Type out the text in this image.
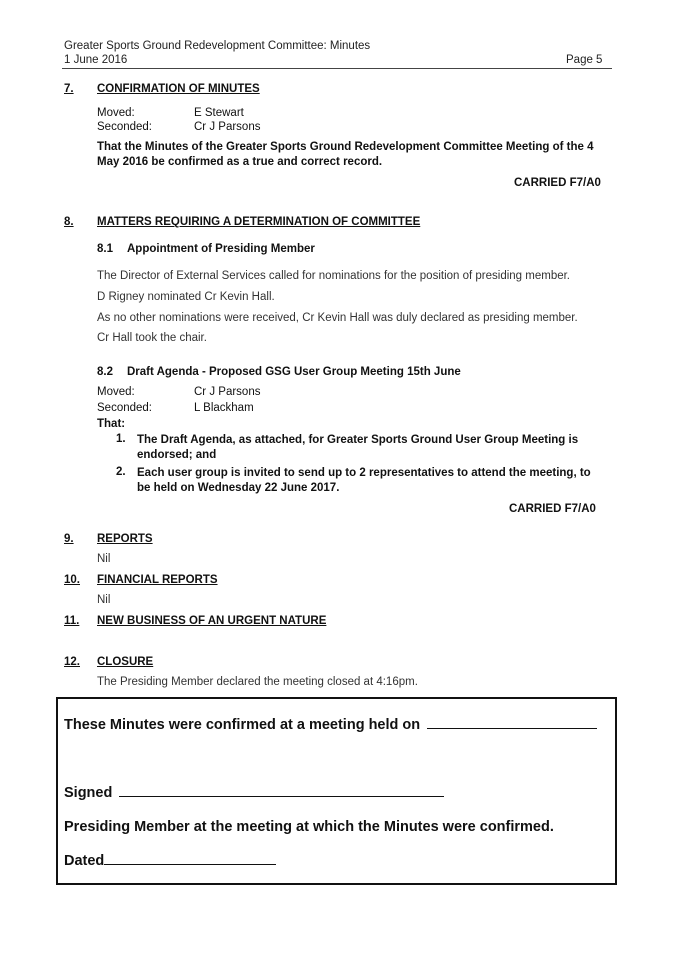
Greater Sports Ground Redevelopment Committee: Minutes
1 June 2016	Page 5
7. CONFIRMATION OF MINUTES
Moved:	E Stewart
Seconded:	Cr J Parsons
That the Minutes of the Greater Sports Ground Redevelopment Committee Meeting of the 4 May 2016 be confirmed as a true and correct record.
CARRIED F7/A0
8. MATTERS REQUIRING A DETERMINATION OF COMMITTEE
8.1 Appointment of Presiding Member
The Director of External Services called for nominations for the position of presiding member.
D Rigney nominated Cr Kevin Hall.
As no other nominations were received, Cr Kevin Hall was duly declared as presiding member.
Cr Hall took the chair.
8.2 Draft Agenda - Proposed GSG User Group Meeting 15th June
Moved:	Cr J Parsons
Seconded:	L Blackham
That:
1. The Draft Agenda, as attached, for Greater Sports Ground User Group Meeting is endorsed; and
2. Each user group is invited to send up to 2 representatives to attend the meeting, to be held on Wednesday 22 June 2017.
CARRIED F7/A0
9. REPORTS
Nil
10. FINANCIAL REPORTS
Nil
11. NEW BUSINESS OF AN URGENT NATURE
12. CLOSURE
The Presiding Member declared the meeting closed at 4:16pm.
These Minutes were confirmed at a meeting held on
Signed
Presiding Member at the meeting at which the Minutes were confirmed.
Dated
